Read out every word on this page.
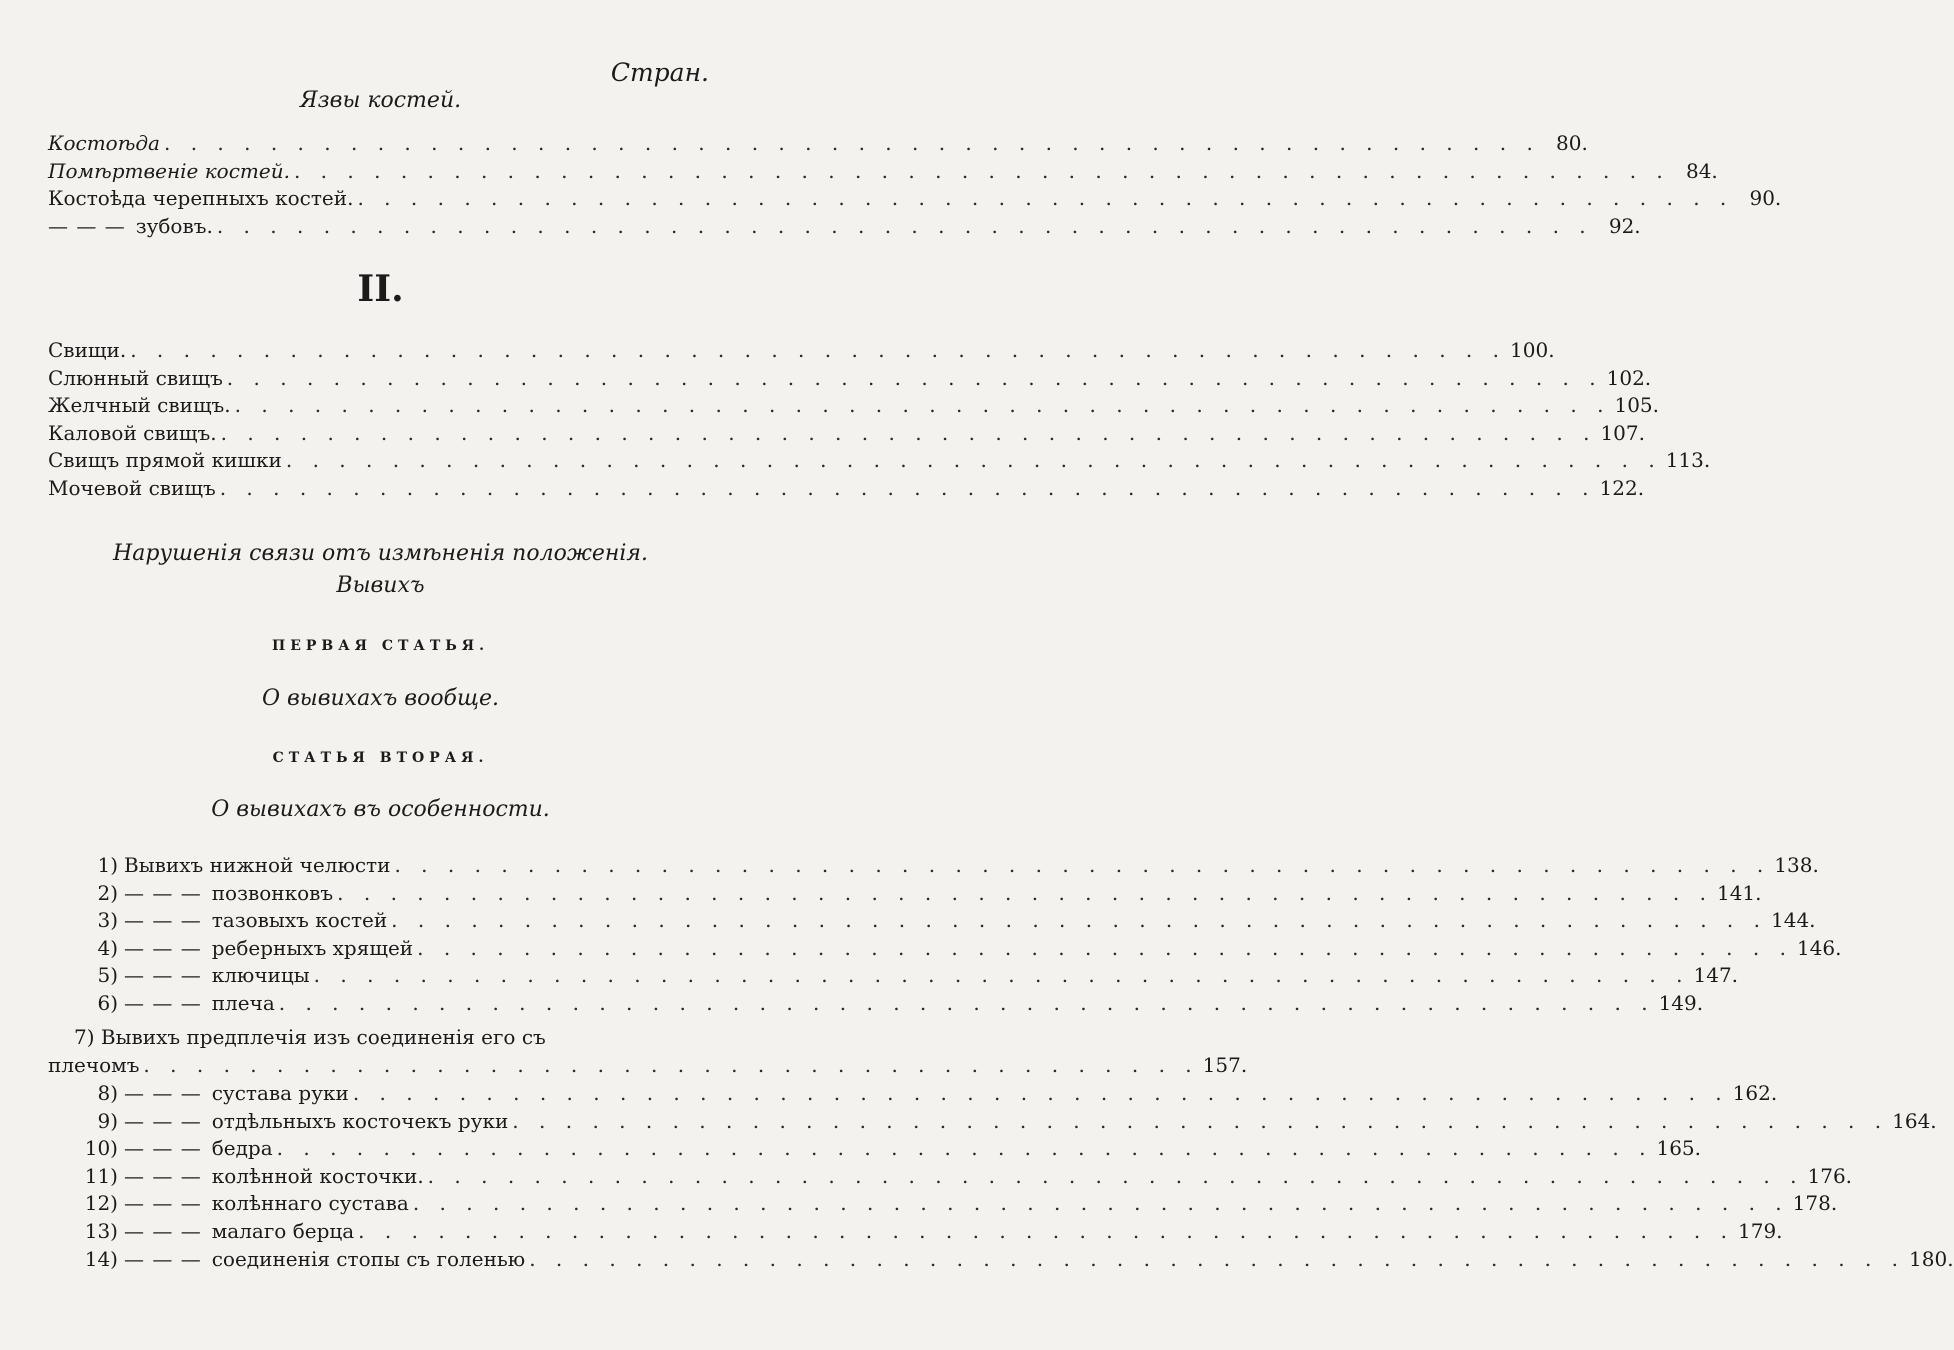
Стран.

Язвы костей.

Костоѣда . . . . . . . . . . . . . . . . . . . . . . . . . . . . . . . . . . . . . . . . . . . . . . . . . . . . 80.
Помѣртвеніе костей. . . . . . . . . . . . . . . . . . . . . . . . . . . . . . . . . . . . . . . . . . . . . . . . . . . . . 84.
Костоѣда черепныхъ костей. . . . . . . . . . . . . . . . . . . . . . . . . . . . . . . . . . . . . . . . . . . . . . . . . . . . . 90.
— — — зубовъ. . . . . . . . . . . . . . . . . . . . . . . . . . . . . . . . . . . . . . . . . . . . . . . . . . . . . 92.

II.

Свищи. . . . . . . . . . . . . . . . . . . . . . . . . . . . . . . . . . . . . . . . . . . . . . . . . . . . . 100.
Слюнный свищъ . . . . . . . . . . . . . . . . . . . . . . . . . . . . . . . . . . . . . . . . . . . . . . . . . . . . 102.
Желчный свищъ. . . . . . . . . . . . . . . . . . . . . . . . . . . . . . . . . . . . . . . . . . . . . . . . . . . . . 105.
Каловой свищъ. . . . . . . . . . . . . . . . . . . . . . . . . . . . . . . . . . . . . . . . . . . . . . . . . . . . . 107.
Свищъ прямой кишки . . . . . . . . . . . . . . . . . . . . . . . . . . . . . . . . . . . . . . . . . . . . . . . . . . . . 113.
Мочевой свищъ . . . . . . . . . . . . . . . . . . . . . . . . . . . . . . . . . . . . . . . . . . . . . . . . . . . . 122.

Нарушенія связи отъ измѣненія положенія.

Вывихъ

ПЕРВАЯ СТАТЬЯ.

О вывихахъ вообще.

СТАТЬЯ ВТОРАЯ.

О вывихахъ въ особенности.

1) Вывихъ нижной челюсти . . . . . . . . . . . . . . . . . . . . . . . . . . . . . . . . . . . . . . . . . . . . . . . . . . . . 138.
2) — — — позвонковъ . . . . . . . . . . . . . . . . . . . . . . . . . . . . . . . . . . . . . . . . . . . . . . . . . . . . 141.
3) — — — тазовыхъ костей . . . . . . . . . . . . . . . . . . . . . . . . . . . . . . . . . . . . . . . . . . . . . . . . . . . . 144.
4) — — — реберныхъ хрящей . . . . . . . . . . . . . . . . . . . . . . . . . . . . . . . . . . . . . . . . . . . . . . . . . . . . 146.
5) — — — ключицы . . . . . . . . . . . . . . . . . . . . . . . . . . . . . . . . . . . . . . . . . . . . . . . . . . . . 147.
6) — — — плеча . . . . . . . . . . . . . . . . . . . . . . . . . . . . . . . . . . . . . . . . . . . . . . . . . . . . 149.
7) Вывихъ предплечія изъ соединенія его съ
плечомъ . . . . . . . . . . . . . . . . . . . . . . . . . . . . . . . . . . . . . . . . 157.
8) — — — сустава руки . . . . . . . . . . . . . . . . . . . . . . . . . . . . . . . . . . . . . . . . . . . . . . . . . . . . 162.
9) — — — отдѣльныхъ косточекъ руки . . . . . . . . . . . . . . . . . . . . . . . . . . . . . . . . . . . . . . . . . . . . . . . . . . . . 164.
10) — — — бедра . . . . . . . . . . . . . . . . . . . . . . . . . . . . . . . . . . . . . . . . . . . . . . . . . . . . 165.
11) — — — колѣнной косточки. . . . . . . . . . . . . . . . . . . . . . . . . . . . . . . . . . . . . . . . . . . . . . . . . . . . . 176.
12) — — — колѣннаго сустава . . . . . . . . . . . . . . . . . . . . . . . . . . . . . . . . . . . . . . . . . . . . . . . . . . . . 178.
13) — — — малаго берца . . . . . . . . . . . . . . . . . . . . . . . . . . . . . . . . . . . . . . . . . . . . . . . . . . . . 179.
14) — — — соединенія стопы съ голенью . . . . . . . . . . . . . . . . . . . . . . . . . . . . . . . . . . . . . . . . . . . . . . . . . . . . 180.
